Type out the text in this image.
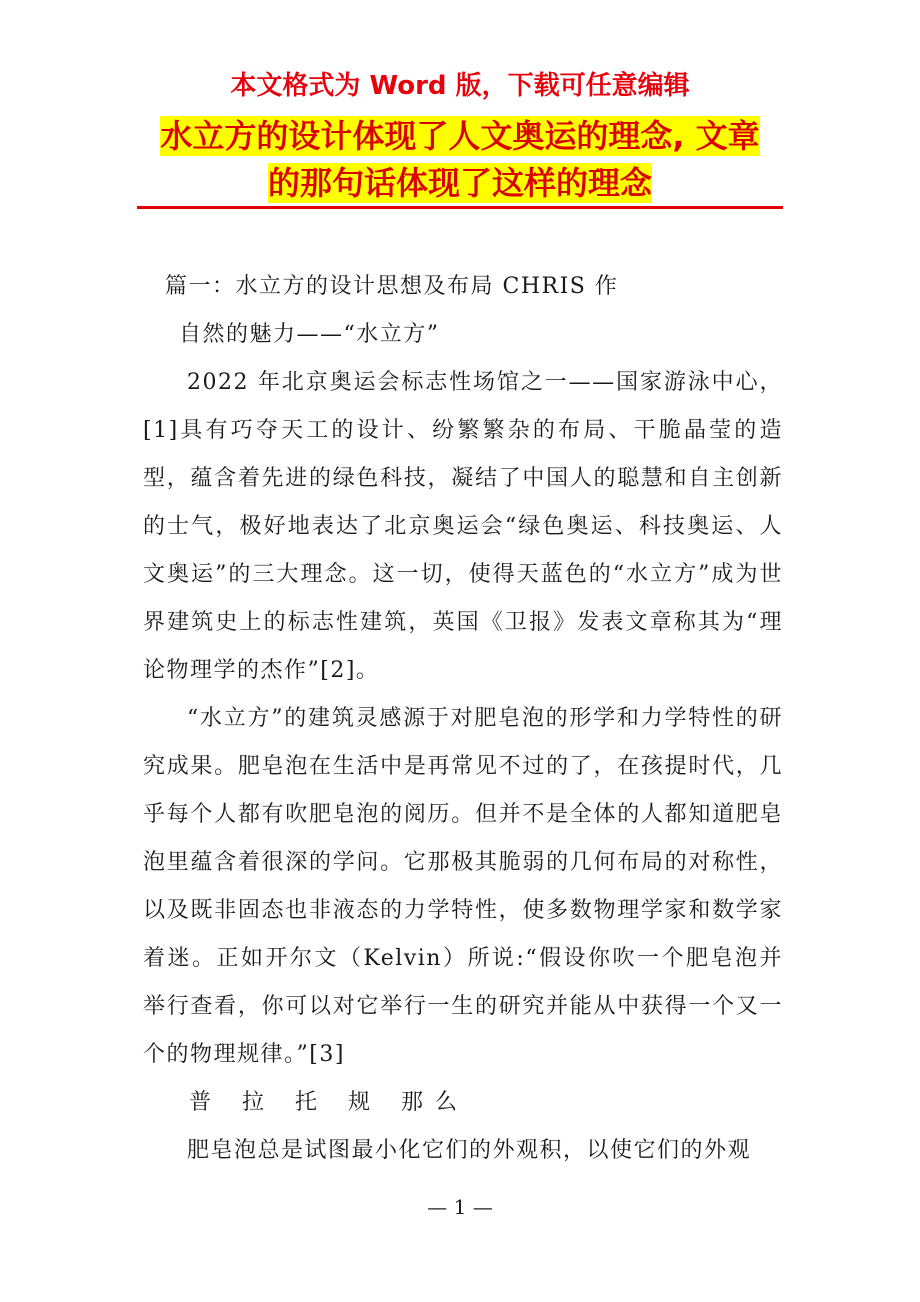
本文格式为 Word 版，下载可任意编辑

水立方的设计体现了人文奥运的理念, 文章
的那句话体现了这样的理念

篇一：水立方的设计思想及布局 CHRIS 作

自然的魅力——“水立方”

2022 年北京奥运会标志性场馆之一——国家游泳中心，[1]具有巧夺天工的设计、纷繁繁杂的布局、干脆晶莹的造型，蕴含着先进的绿色科技，凝结了中国人的聪慧和自主创新的士气，极好地表达了北京奥运会“绿色奥运、科技奥运、人文奥运”的三大理念。这一切，使得天蓝色的“水立方”成为世界建筑史上的标志性建筑，英国《卫报》发表文章称其为“理论物理学的杰作”[2]。

“水立方”的建筑灵感源于对肥皂泡的形学和力学特性的研究成果。肥皂泡在生活中是再常见不过的了，在孩提时代，几乎每个人都有吹肥皂泡的阅历。但并不是全体的人都知道肥皂泡里蕴含着很深的学问。它那极其脆弱的几何布局的对称性，以及既非固态也非液态的力学特性，使多数物理学家和数学家着迷。正如开尔文（Kelvin）所说:“假设你吹一个肥皂泡并举行查看，你可以对它举行一生的研究并能从中获得一个又一个的物理规律。”[3]

普 拉 托 规 那么

肥皂泡总是试图最小化它们的外观积，以使它们的外观

— 1 —
